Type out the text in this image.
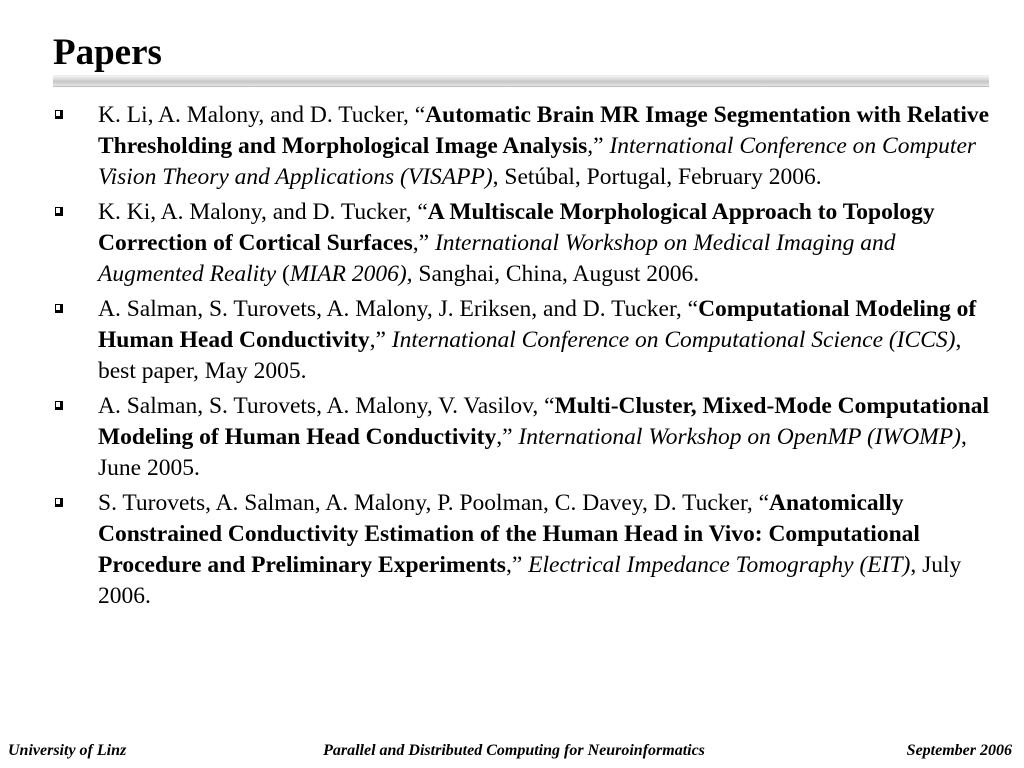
Papers
K. Li, A. Malony, and D. Tucker, “Automatic Brain MR Image Segmentation with Relative Thresholding and Morphological Image Analysis,” International Conference on Computer Vision Theory and Applications (VISAPP), Setúbal, Portugal, February 2006.
K. Ki, A. Malony, and D. Tucker, “A Multiscale Morphological Approach to Topology Correction of Cortical Surfaces,” International Workshop on Medical Imaging and Augmented Reality (MIAR 2006), Sanghai, China, August 2006.
A. Salman, S. Turovets, A. Malony, J. Eriksen, and D. Tucker, “Computational Modeling of Human Head Conductivity,” International Conference on Computational Science (ICCS), best paper, May 2005.
A. Salman, S. Turovets, A. Malony, V. Vasilov, “Multi-Cluster, Mixed-Mode Computational Modeling of Human Head Conductivity,” International Workshop on OpenMP (IWOMP), June 2005.
S. Turovets, A. Salman, A. Malony, P. Poolman, C. Davey, D. Tucker, “Anatomically Constrained Conductivity Estimation of the Human Head in Vivo: Computational Procedure and Preliminary Experiments,” Electrical Impedance Tomography (EIT), July 2006.
University of Linz	Parallel and Distributed Computing for Neuroinformatics	September 2006
